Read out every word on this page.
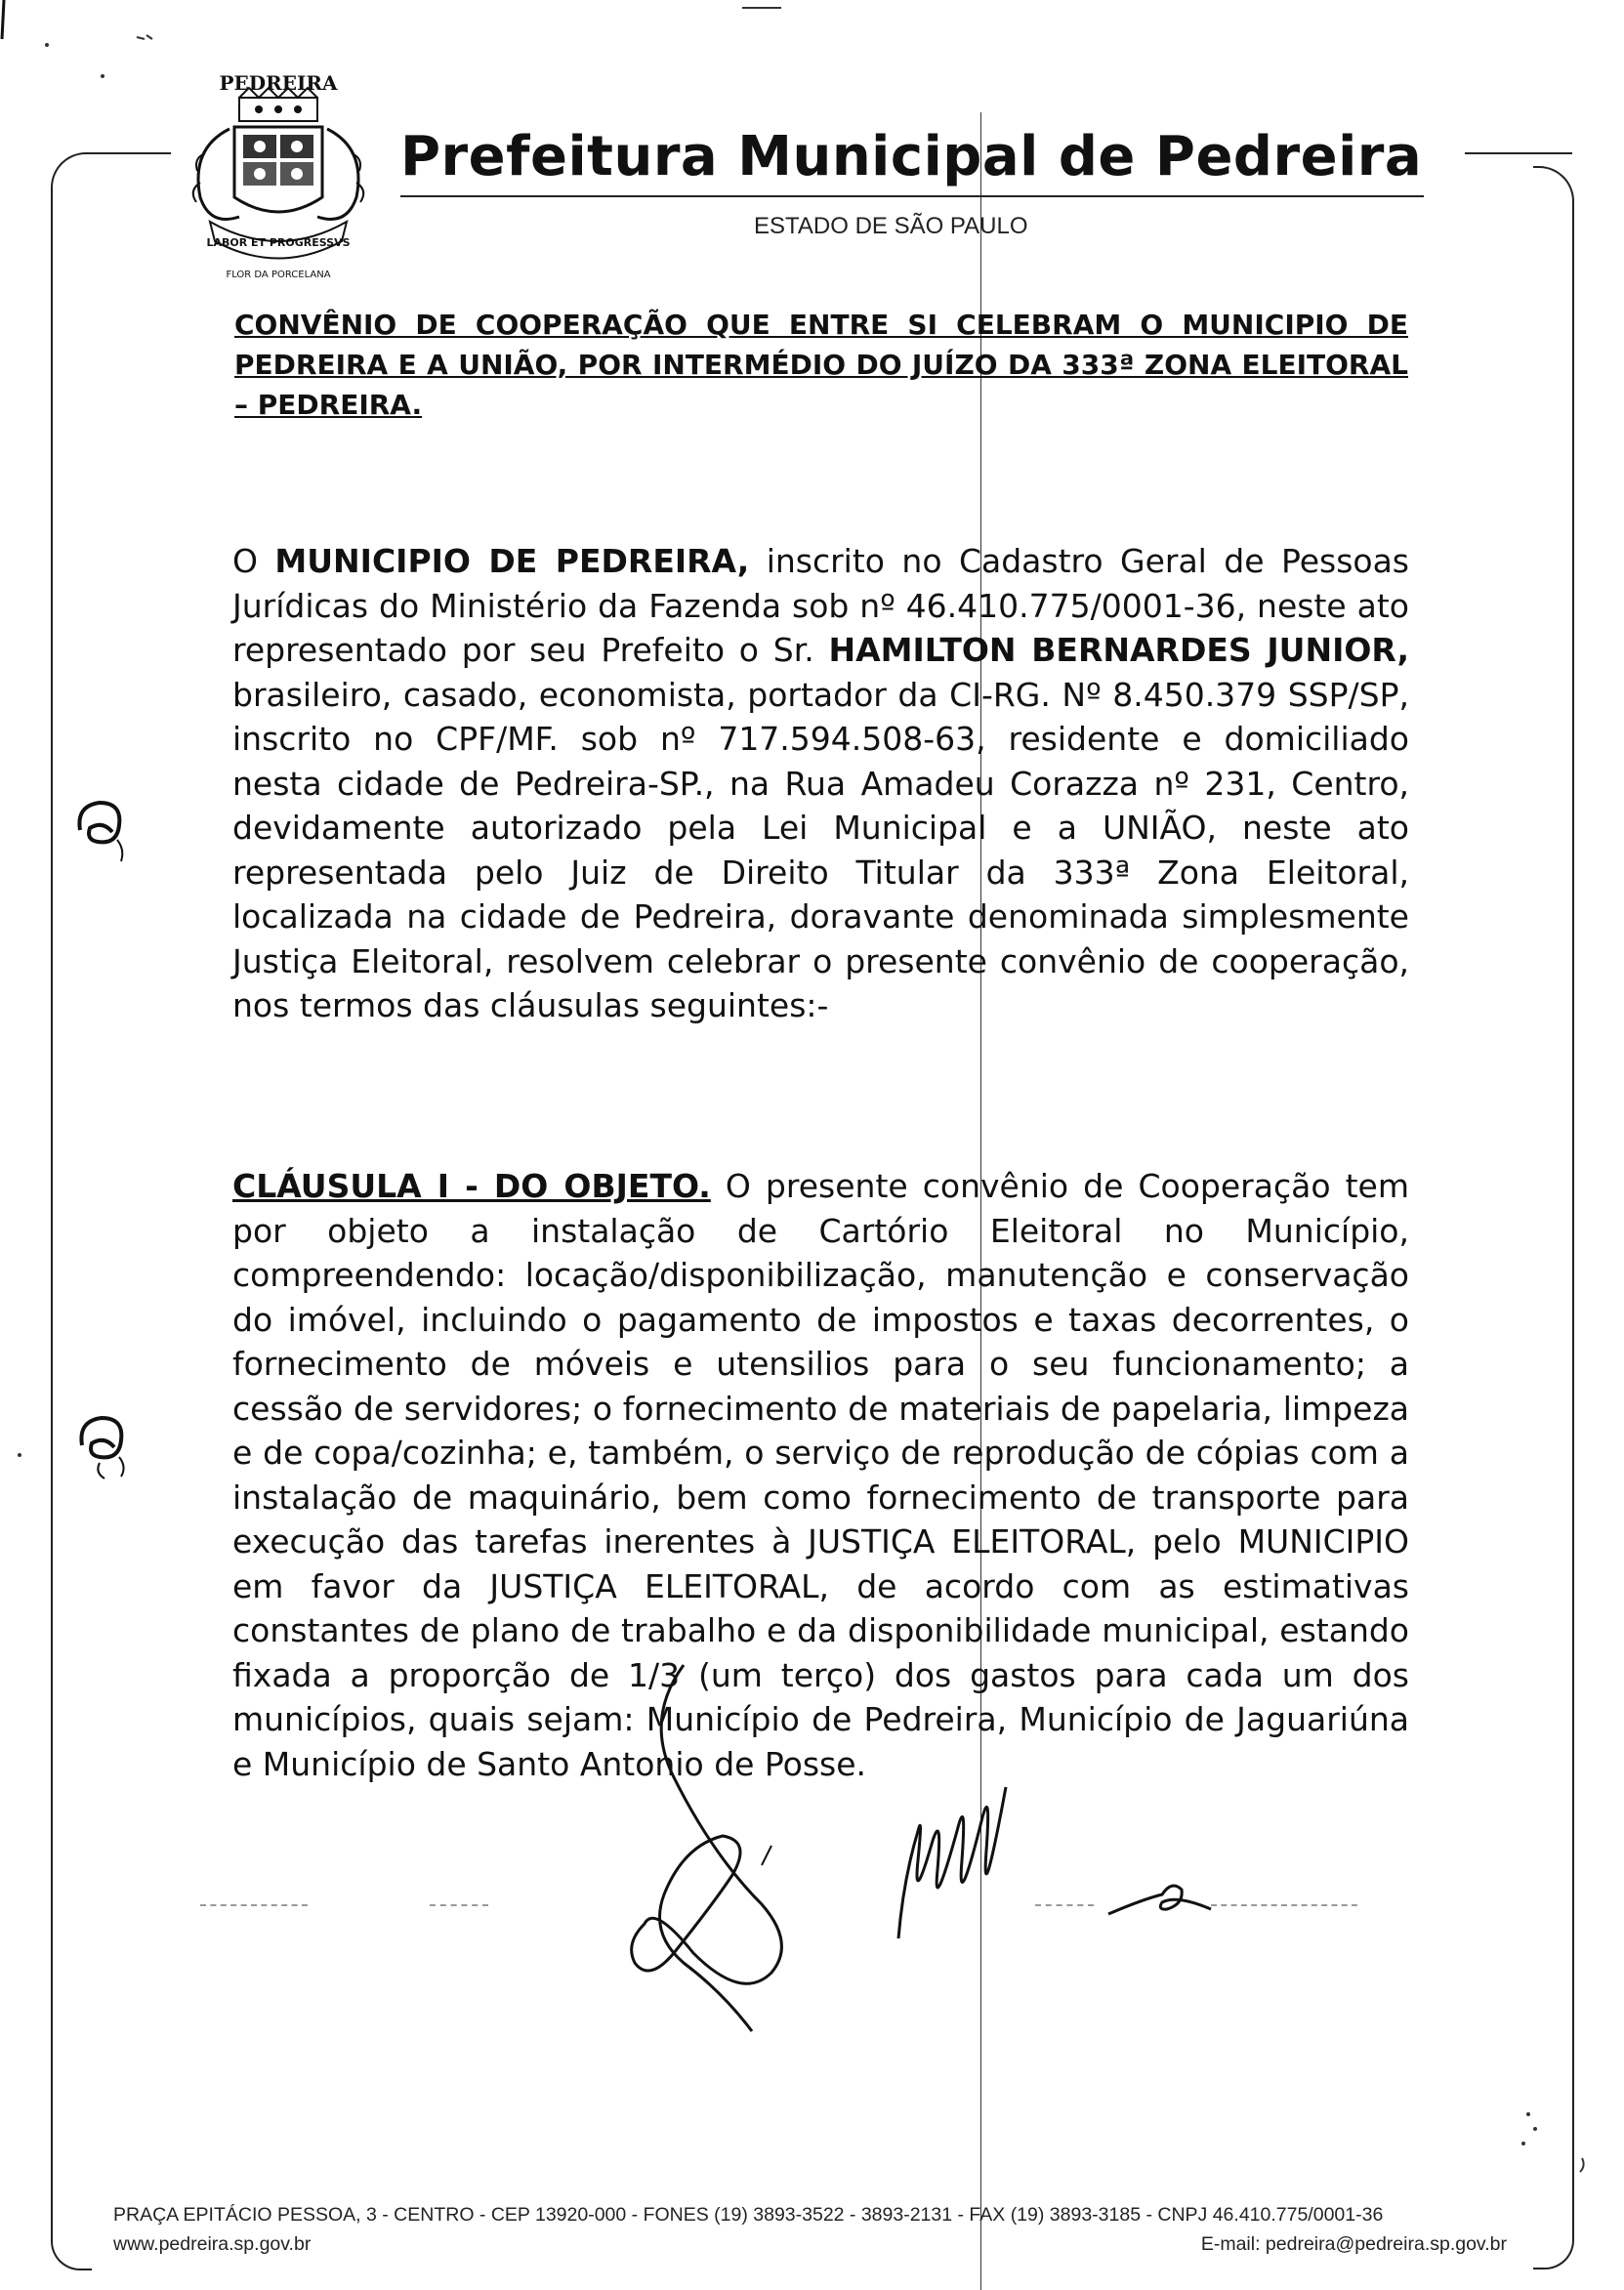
PEDREIRA
LABOR ET PROGRESSVS
FLOR DA PORCELANA
Prefeitura Municipal de Pedreira
ESTADO DE SÃO PAULO
CONVÊNIO DE COOPERAÇÃO QUE ENTRE SI CELEBRAM O MUNICIPIO DE PEDREIRA E A UNIÃO, POR INTERMÉDIO DO JUÍZO DA 333ª ZONA ELEITORAL – PEDREIRA.
O MUNICIPIO DE PEDREIRA, inscrito no Cadastro Geral de Pessoas Jurídicas do Ministério da Fazenda sob nº 46.410.775/0001-36, neste ato representado por seu Prefeito o Sr. HAMILTON BERNARDES JUNIOR, brasileiro, casado, economista, portador da CI-RG. Nº 8.450.379 SSP/SP, inscrito no CPF/MF. sob nº 717.594.508-63, residente e domiciliado nesta cidade de Pedreira-SP., na Rua Amadeu Corazza nº 231, Centro, devidamente autorizado pela Lei Municipal e a UNIÃO, neste ato representada pelo Juiz de Direito Titular da 333ª Zona Eleitoral, localizada na cidade de Pedreira, doravante denominada simplesmente Justiça Eleitoral, resolvem celebrar o presente convênio de cooperação, nos termos das cláusulas seguintes:-
CLÁUSULA I - DO OBJETO. O presente convênio de Cooperação tem por objeto a instalação de Cartório Eleitoral no Município, compreendendo: locação/disponibilização, manutenção e conservação do imóvel, incluindo o pagamento de impostos e taxas decorrentes, o fornecimento de móveis e utensilios para o seu funcionamento; a cessão de servidores; o fornecimento de materiais de papelaria, limpeza e de copa/cozinha; e, também, o serviço de reprodução de cópias com a instalação de maquinário, bem como fornecimento de transporte para execução das tarefas inerentes à JUSTIÇA ELEITORAL, pelo MUNICIPIO em favor da JUSTIÇA ELEITORAL, de acordo com as estimativas constantes de plano de trabalho e da disponibilidade municipal, estando fixada a proporção de 1/3 (um terço) dos gastos para cada um dos municípios, quais sejam: Município de Pedreira, Município de Jaguariúna e Município de Santo Antonio de Posse.
PRAÇA EPITÁCIO PESSOA, 3 - CENTRO - CEP 13920-000 - FONES (19) 3893-3522 - 3893-2131 - FAX (19) 3893-3185 - CNPJ 46.410.775/0001-36
www.pedreira.sp.gov.br	E-mail: pedreira@pedreira.sp.gov.br
